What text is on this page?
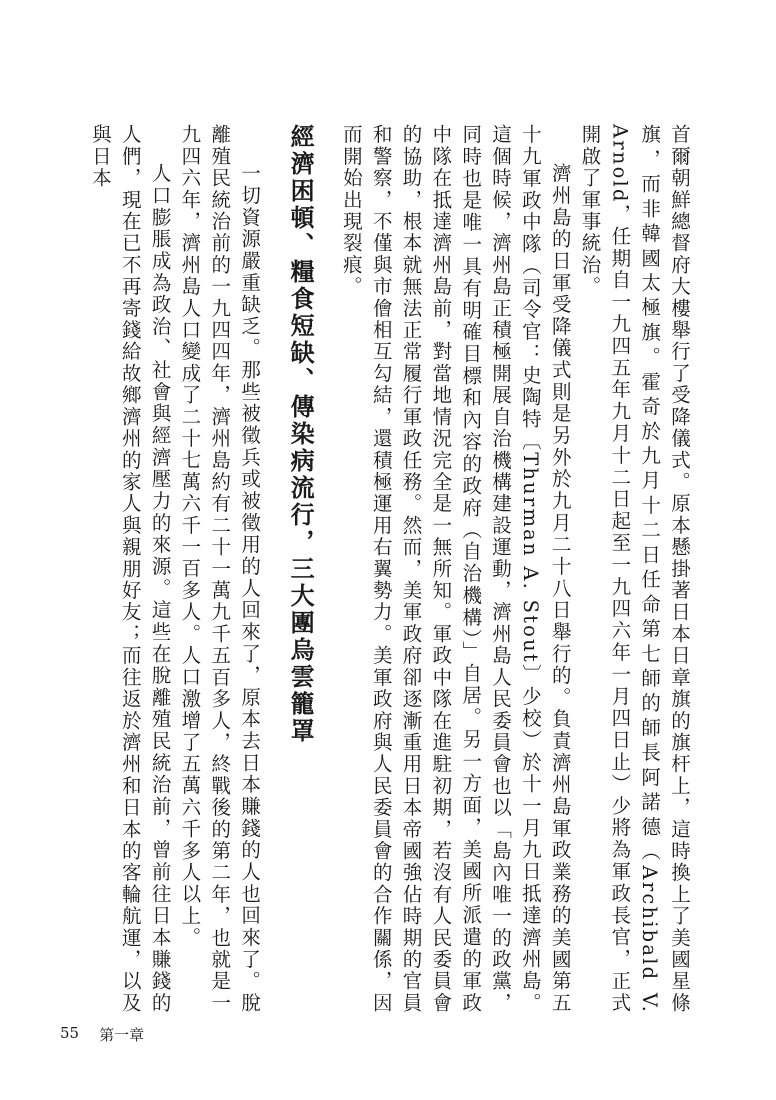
首爾朝鮮總督府大樓舉行了受降儀式。原本懸掛著日本日章旗的旗杆上，這時換上了美國星條旗，而非韓國太極旗。霍奇於九月十二日任命第七師的師長阿諾德（Archibald V. Arnold，任期自一九四五年九月十二日起至一九四六年一月四日止）少將為軍政長官，正式開啟了軍事統治。

濟州島的日軍受降儀式則是另外於九月二十八日舉行的。負責濟州島軍政業務的美國第五十九軍政中隊（司令官：史陶特〔Thurman A. Stout〕少校）於十一月九日抵達濟州島。這個時候，濟州島正積極開展自治機構建設運動，濟州島人民委員會也以「島內唯一的政黨，同時也是唯一具有明確目標和內容的政府（自治機構）」自居。另一方面，美國所派遣的軍政中隊在抵達濟州島前，對當地情況完全是一無所知。軍政中隊在進駐初期，若沒有人民委員會的協助，根本就無法正常履行軍政任務。然而，美軍政府卻逐漸重用日本帝國強佔時期的官員和警察，不僅與市儈相互勾結，還積極運用右翼勢力。美軍政府與人民委員會的合作關係，因而開始出現裂痕。

經濟困頓、糧食短缺、傳染病流行，三大團烏雲籠罩

一切資源嚴重缺乏。那些被徵兵或被徵用的人回來了，原本去日本賺錢的人也回來了。脫離殖民統治前的一九四四年，濟州島約有二十一萬九千五百多人，終戰後的第二年，也就是一九四六年，濟州島人口變成了二十七萬六千一百多人。人口激增了五萬六千多人以上。

人口膨脹成為政治、社會與經濟壓力的來源。這些在脫離殖民統治前，曾前往日本賺錢的人們，現在已不再寄錢給故鄉濟州的家人與親朋好友；而往返於濟州和日本的客輪航運，以及與日本

55 第一章
